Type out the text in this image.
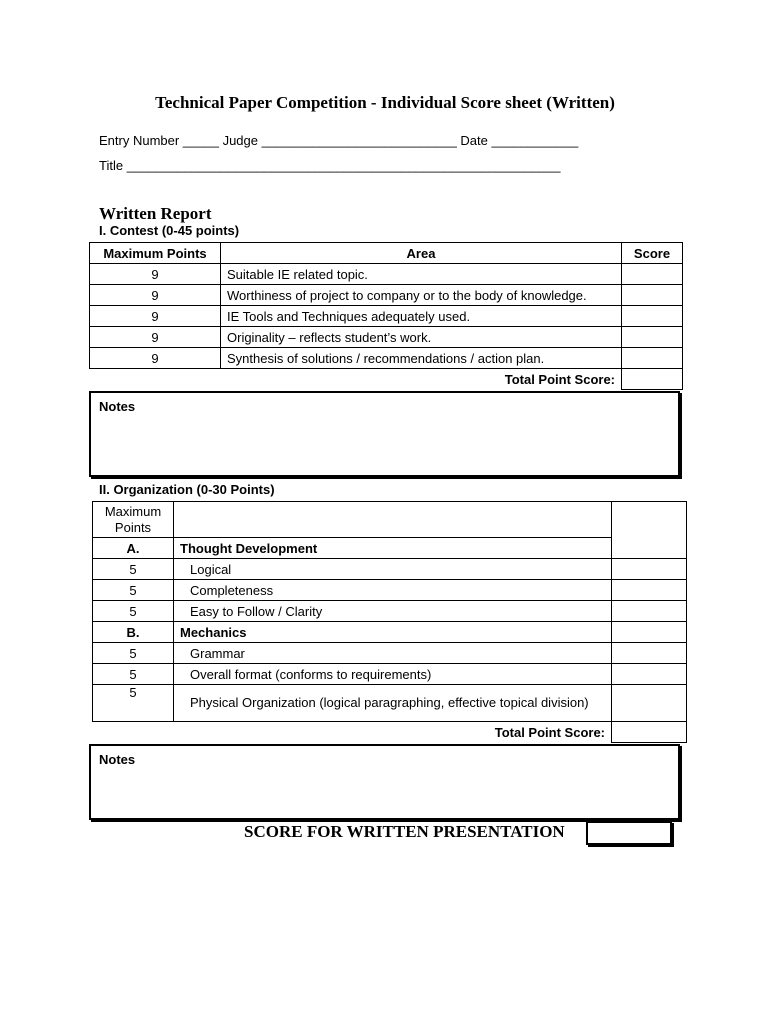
Technical Paper Competition - Individual Score sheet (Written)
Entry Number _____ Judge ___________________________ Date ____________
Title ____________________________________________________________
Written Report
I. Contest (0-45 points)
Maximum Points	Area	Score
9	Suitable IE related topic.	
9	Worthiness of project to company or to the body of knowledge.	
9	IE Tools and Techniques adequately used.	
9	Originality – reflects student’s work.	
9	Synthesis of solutions / recommendations / action plan.	
	Total Point Score:	
Notes
II. Organization (0-30 Points)
Maximum Points		
A.	Thought Development	
5	Logical	
5	Completeness	
5	Easy to Follow / Clarity	
B.	Mechanics	
5	Grammar	
5	Overall format (conforms to requirements)	
5	Physical Organization (logical paragraphing, effective topical division)	
	Total Point Score:	
Notes
SCORE FOR WRITTEN PRESENTATION
